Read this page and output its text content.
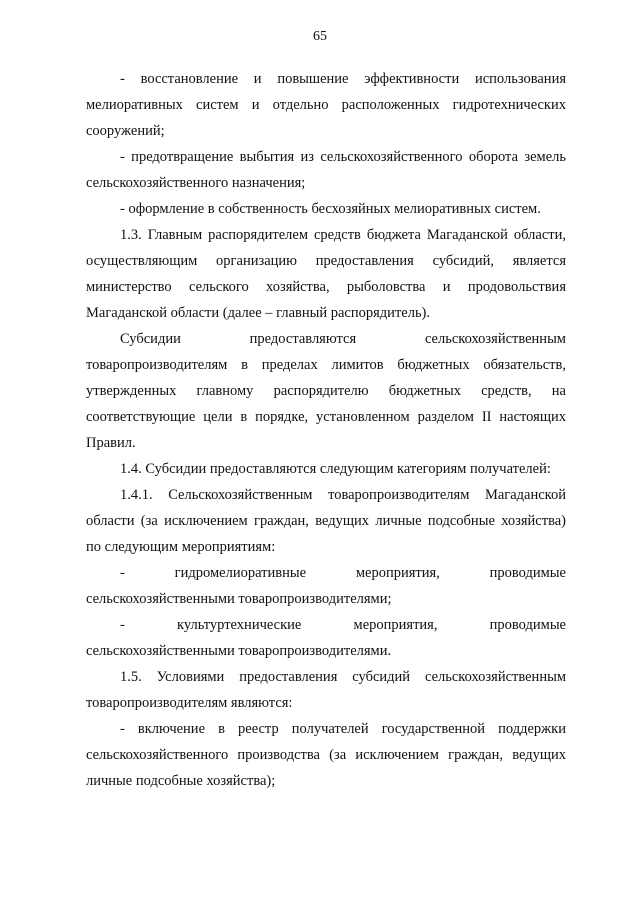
65

- восстановление и повышение эффективности использования
мелиоративных систем и отдельно расположенных гидротехнических
сооружений;

- предотвращение выбытия из сельскохозяйственного оборота земель
сельскохозяйственного назначения;

- оформление в собственность бесхозяйных мелиоративных систем.

1.3. Главным распорядителем средств бюджета Магаданской области,
осуществляющим организацию предоставления субсидий, является
министерство сельского хозяйства, рыболовства и продовольствия
Магаданской области (далее – главный распорядитель).

Субсидии предоставляются сельскохозяйственным
товаропроизводителям в пределах лимитов бюджетных обязательств,
утвержденных главному распорядителю бюджетных средств, на
соответствующие цели в порядке, установленном разделом II настоящих
Правил.

1.4. Субсидии предоставляются следующим категориям получателей:

1.4.1. Сельскохозяйственным товаропроизводителям Магаданской
области (за исключением граждан, ведущих личные подсобные хозяйства)
по следующим мероприятиям:

- гидромелиоративные мероприятия, проводимые
сельскохозяйственными товаропроизводителями;

- культуртехнические мероприятия, проводимые
сельскохозяйственными товаропроизводителями.

1.5. Условиями предоставления субсидий сельскохозяйственным
товаропроизводителям являются:

- включение в реестр получателей государственной поддержки
сельскохозяйственного производства (за исключением граждан, ведущих
личные подсобные хозяйства);
